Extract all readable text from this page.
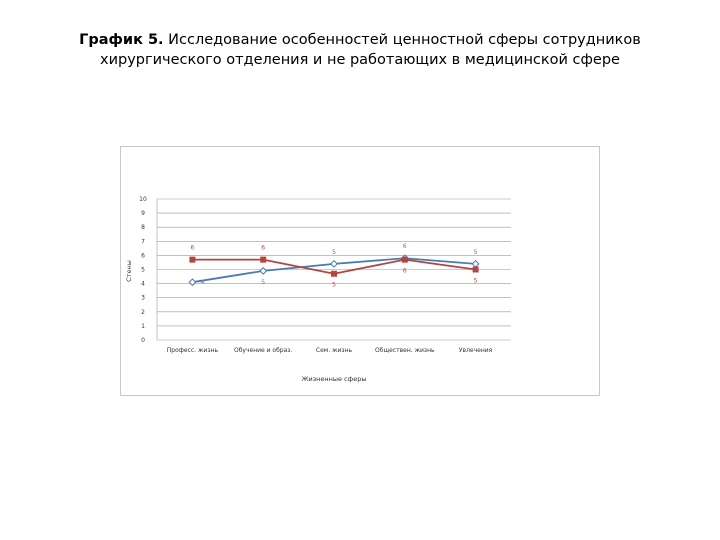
График 5. Исследование особенностей ценностной сферы сотрудников хирургического отделения и не работающих в медицинской сфере
0
1
2
3
4
5
6
7
8
9
10
Професс. жизнь	Обучение и образ.	Сем. жизнь	Обществен. жизнь	Увлечения
4	5
5
6
5
6	6
5
6
5
Стены
Жизненные сферы
